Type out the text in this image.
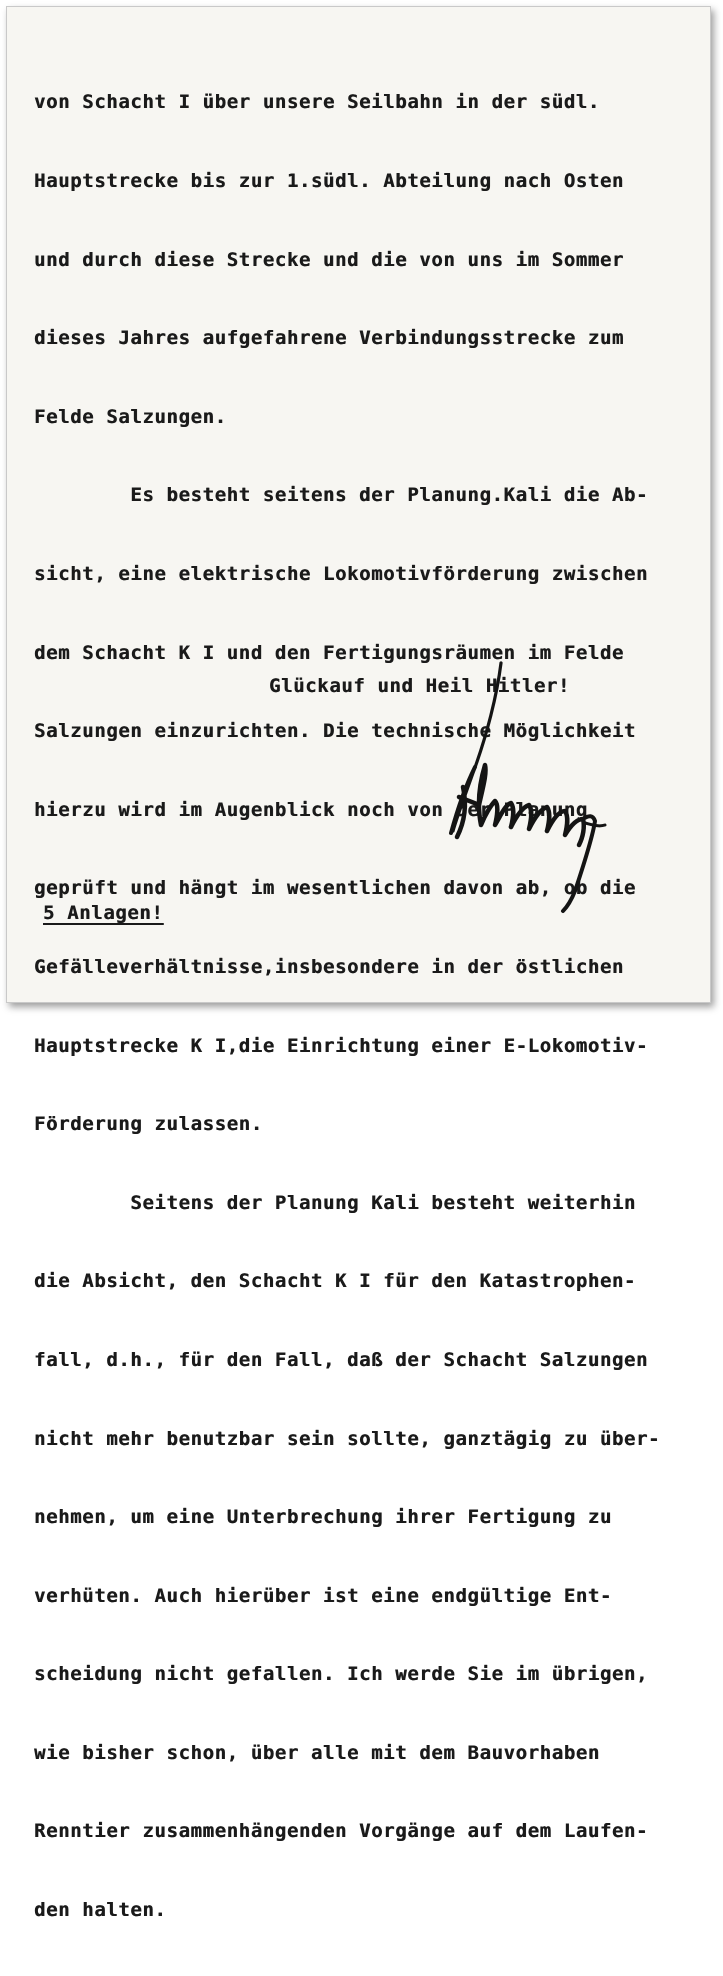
von Schacht I über unsere Seilbahn in der südl.

Hauptstrecke bis zur 1.südl. Abteilung nach Osten

und durch diese Strecke und die von uns im Sommer

dieses Jahres aufgefahrene Verbindungsstrecke zum

Felde Salzungen.

Es besteht seitens der Planung.Kali die Ab-

sicht, eine elektrische Lokomotivförderung zwischen

dem Schacht K I und den Fertigungsräumen im Felde

Salzungen einzurichten. Die technische Möglichkeit

hierzu wird im Augenblick noch von der Planung

geprüft und hängt im wesentlichen davon ab, ob die

Gefälleverhältnisse,insbesondere in der östlichen

Hauptstrecke K I,die Einrichtung einer E-Lokomotiv-

Förderung zulassen.

Seitens der Planung Kali besteht weiterhin

die Absicht, den Schacht K I für den Katastrophen-

fall, d.h., für den Fall, daß der Schacht Salzungen

nicht mehr benutzbar sein sollte, ganztägig zu über-

nehmen, um eine Unterbrechung ihrer Fertigung zu

verhüten. Auch hierüber ist eine endgültige Ent-

scheidung nicht gefallen. Ich werde Sie im übrigen,

wie bisher schon, über alle mit dem Bauvorhaben

Renntier zusammenhängenden Vorgänge auf dem Laufen-

den halten.

Glückauf und Heil Hitler!
5 Anlagen!
